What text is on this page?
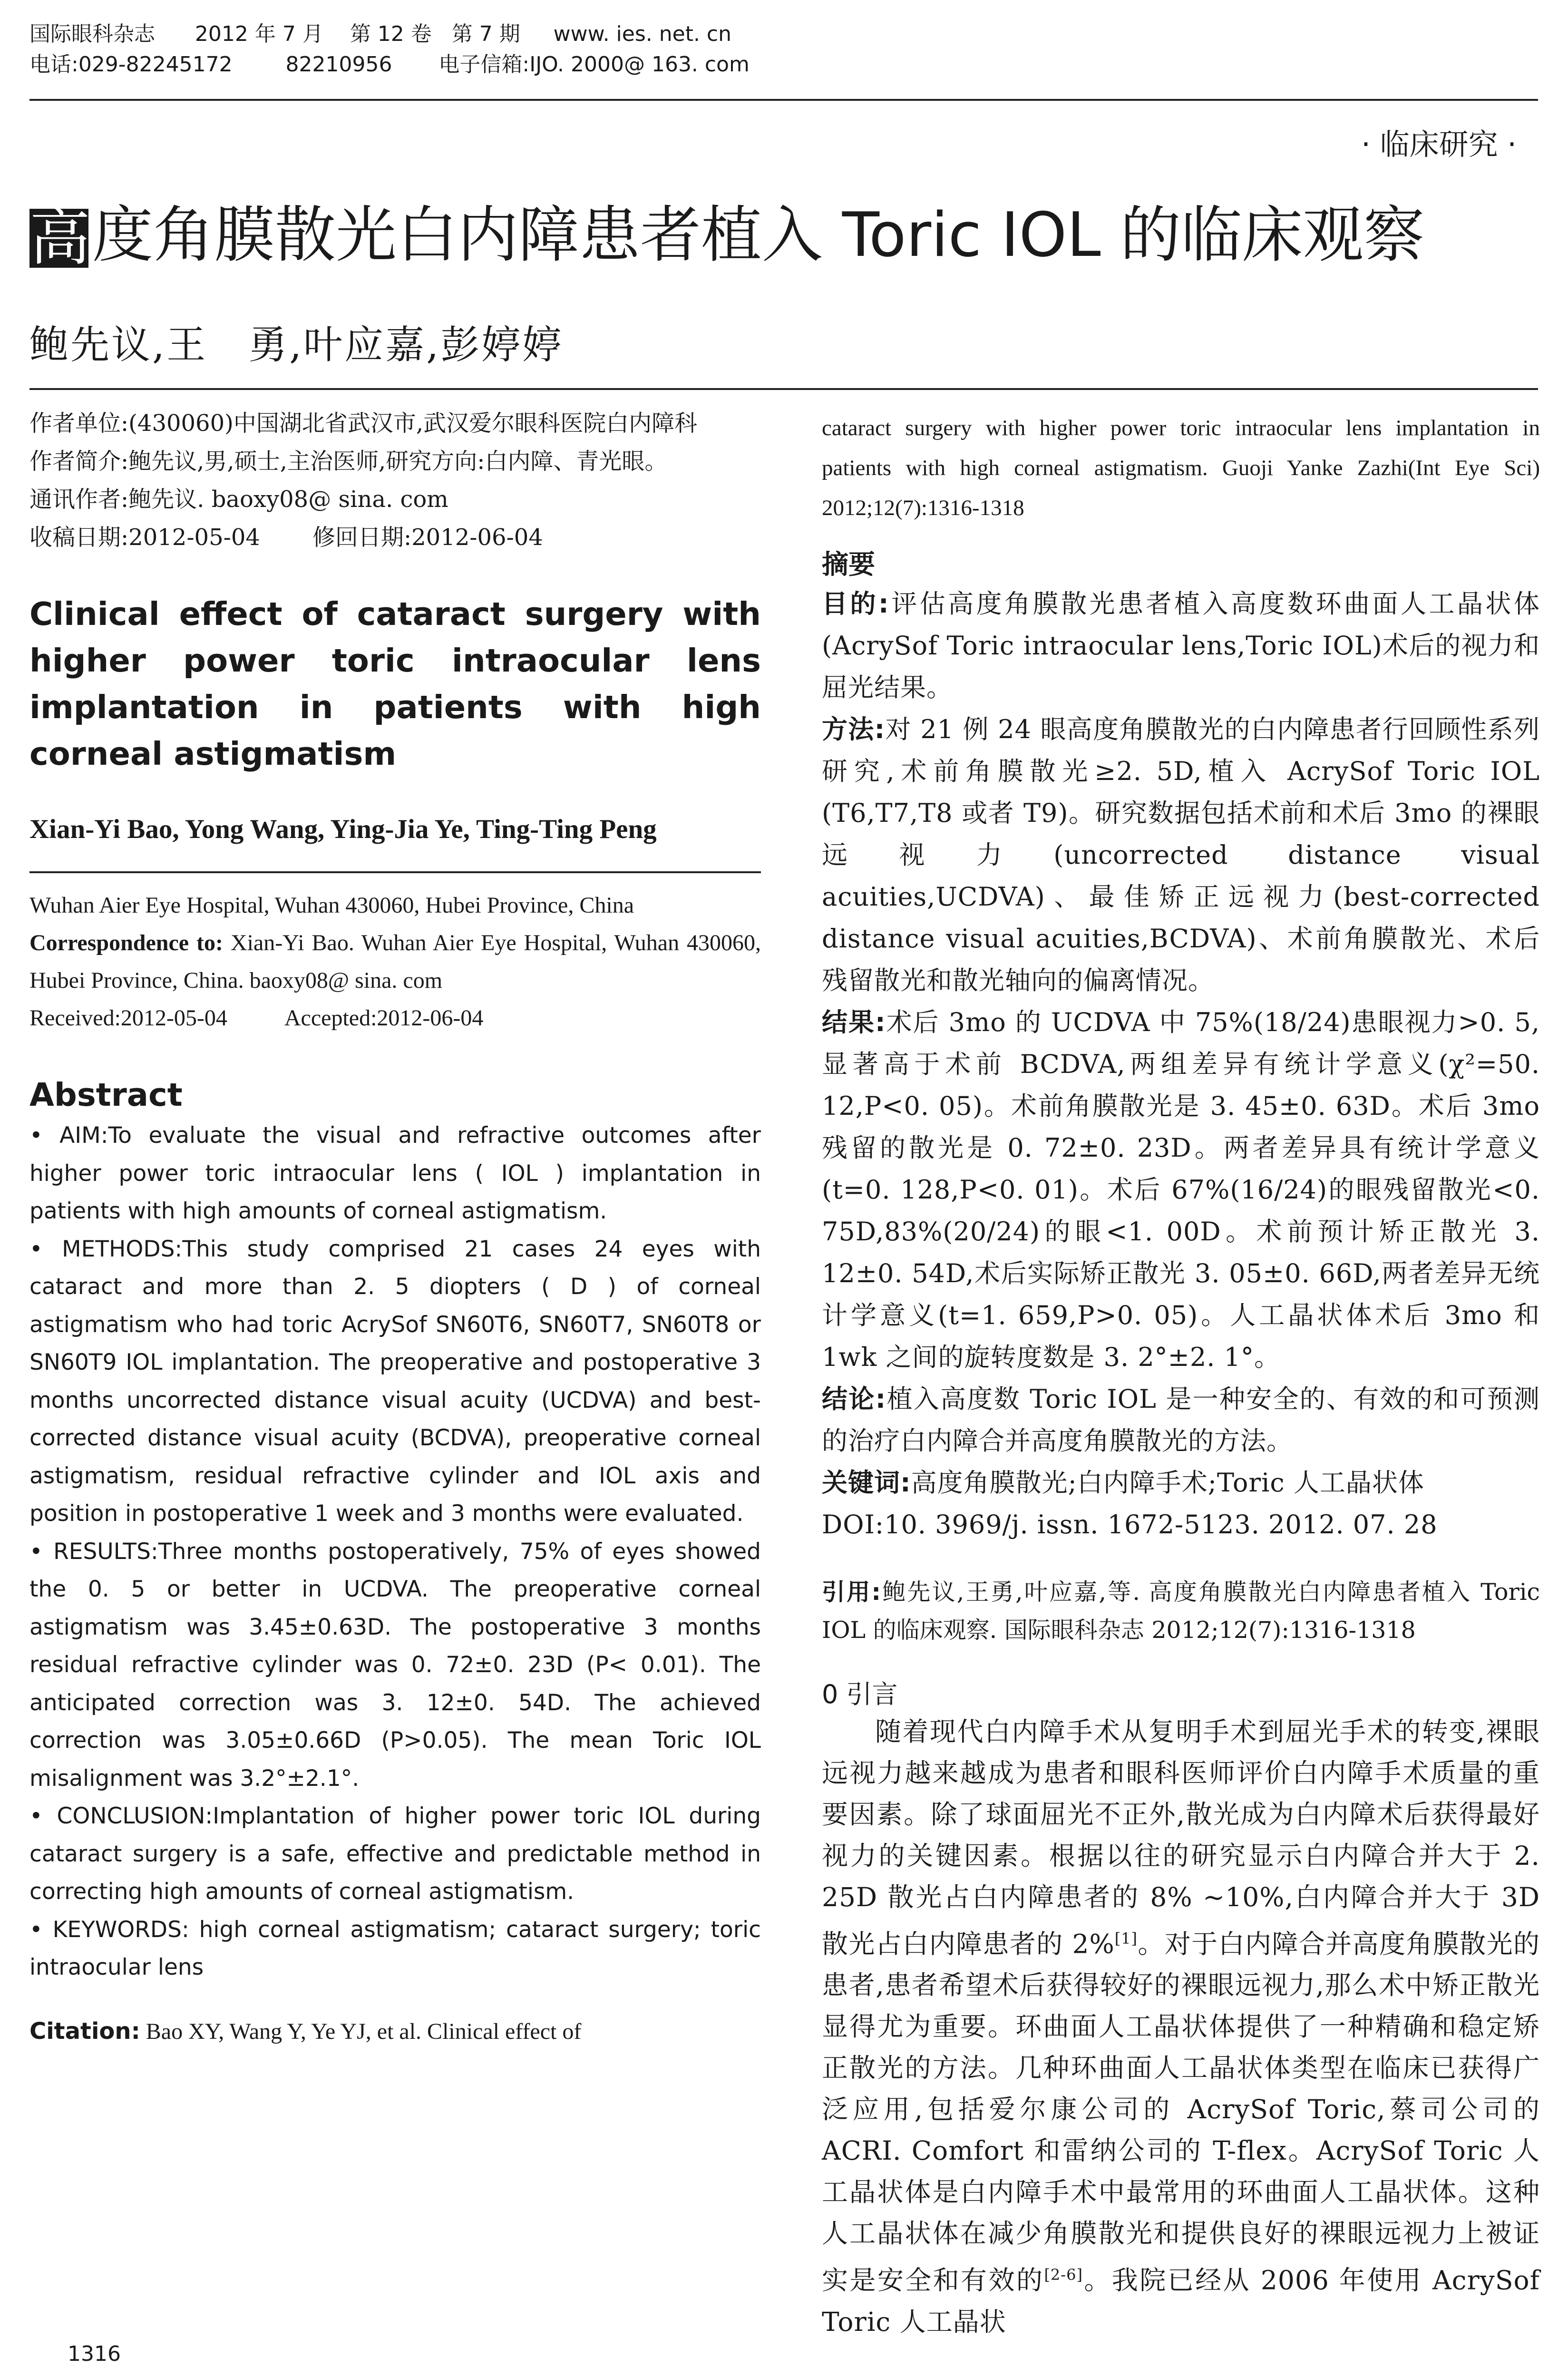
国际眼科杂志 2012 年 7 月 第 12 卷 第 7 期 www. ies. net. cn
电话:029-82245172	82210956 电子信箱:IJO. 2000@ 163. com
· 临床研究 ·
高度角膜散光白内障患者植入 Toric IOL 的临床观察
鲍先议,王　勇,叶应嘉,彭婷婷

作者单位:(430060)中国湖北省武汉市,武汉爱尔眼科医院白内障科

作者简介:鲍先议,男,硕士,主治医师,研究方向:白内障、青光眼。

通讯作者:鲍先议. baoxy08@ sina. com

收稿日期:2012-05-04 修回日期:2012-06-04

Clinical effect of cataract surgery with higher power toric intraocular lens implantation in patients with high corneal astigmatism
Xian-Yi Bao, Yong Wang, Ying-Jia Ye, Ting-Ting Peng

Wuhan Aier Eye Hospital, Wuhan 430060, Hubei Province, China

Correspondence to: Xian-Yi Bao. Wuhan Aier Eye Hospital, Wuhan 430060, Hubei Province, China. baoxy08@ sina. com

Received:2012-05-04	Accepted:2012-06-04

Abstract

• AIM:To evaluate the visual and refractive outcomes after higher power toric intraocular lens ( IOL ) implantation in patients with high amounts of corneal astigmatism.

• METHODS:This study comprised 21 cases 24 eyes with cataract and more than 2. 5 diopters ( D ) of corneal astigmatism who had toric AcrySof SN60T6, SN60T7, SN60T8 or SN60T9 IOL implantation. The preoperative and postoperative 3 months uncorrected distance visual acuity (UCDVA) and best-corrected distance visual acuity (BCDVA), preoperative corneal astigmatism, residual refractive cylinder and IOL axis and position in postoperative 1 week and 3 months were evaluated.

• RESULTS:Three months postoperatively, 75% of eyes showed the 0. 5 or better in UCDVA. The preoperative corneal astigmatism was 3.45±0.63D. The postoperative 3 months residual refractive cylinder was 0. 72±0. 23D (P< 0.01). The anticipated correction was 3. 12±0. 54D. The achieved correction was 3.05±0.66D (P>0.05). The mean Toric IOL misalignment was 3.2°±2.1°.

• CONCLUSION:Implantation of higher power toric IOL during cataract surgery is a safe, effective and predictable method in correcting high amounts of corneal astigmatism.

• KEYWORDS: high corneal astigmatism; cataract surgery; toric intraocular lens

Citation: Bao XY, Wang Y, Ye YJ, et al. Clinical effect of
1316
摘要

目的:评估高度角膜散光患者植入高度数环曲面人工晶状体(AcrySof Toric intraocular lens,Toric IOL)术后的视力和屈光结果。

方法:对 21 例 24 眼高度角膜散光的白内障患者行回顾性系列研究,术前角膜散光≥2. 5D,植入 AcrySof Toric IOL (T6,T7,T8 或者 T9)。研究数据包括术前和术后 3mo 的裸眼远视力(uncorrected distance visual acuities,UCDVA)、最佳矫正远视力(best-corrected distance visual acuities,BCDVA)、术前角膜散光、术后残留散光和散光轴向的偏离情况。

结果:术后 3mo 的 UCDVA 中 75%(18/24)患眼视力>0. 5,显著高于术前 BCDVA,两组差异有统计学意义(χ²=50. 12,P<0. 05)。术前角膜散光是 3. 45±0. 63D。术后 3mo 残留的散光是 0. 72±0. 23D。两者差异具有统计学意义(t=0. 128,P<0. 01)。术后 67%(16/24)的眼残留散光<0. 75D,83%(20/24)的眼<1. 00D。术前预计矫正散光 3. 12±0. 54D,术后实际矫正散光 3. 05±0. 66D,两者差异无统计学意义(t=1. 659,P>0. 05)。人工晶状体术后 3mo 和 1wk 之间的旋转度数是 3. 2°±2. 1°。

结论:植入高度数 Toric IOL 是一种安全的、有效的和可预测的治疗白内障合并高度角膜散光的方法。

关键词:高度角膜散光;白内障手术;Toric 人工晶状体

DOI:10. 3969/j. issn. 1672-5123. 2012. 07. 28

引用:鲍先议,王勇,叶应嘉,等. 高度角膜散光白内障患者植入 Toric IOL 的临床观察. 国际眼科杂志 2012;12(7):1316-1318
0 引言

随着现代白内障手术从复明手术到屈光手术的转变,裸眼远视力越来越成为患者和眼科医师评价白内障手术质量的重要因素。除了球面屈光不正外,散光成为白内障术后获得最好视力的关键因素。根据以往的研究显示白内障合并大于 2. 25D 散光占白内障患者的 8% ~10%,白内障合并大于 3D 散光占白内障患者的 2%[1]。对于白内障合并高度角膜散光的患者,患者希望术后获得较好的裸眼远视力,那么术中矫正散光显得尤为重要。环曲面人工晶状体提供了一种精确和稳定矫正散光的方法。几种环曲面人工晶状体类型在临床已获得广泛应用,包括爱尔康公司的 AcrySof Toric,蔡司公司的 ACRI. Comfort 和雷纳公司的 T-flex。AcrySof Toric 人工晶状体是白内障手术中最常用的环曲面人工晶状体。这种人工晶状体在减少角膜散光和提供良好的裸眼远视力上被证实是安全和有效的[2-6]。我院已经从 2006 年使用 AcrySof Toric 人工晶状

cataract surgery with higher power toric intraocular lens implantation in patients with high corneal astigmatism. Guoji Yanke Zazhi(Int Eye Sci) 2012;12(7):1316-1318
